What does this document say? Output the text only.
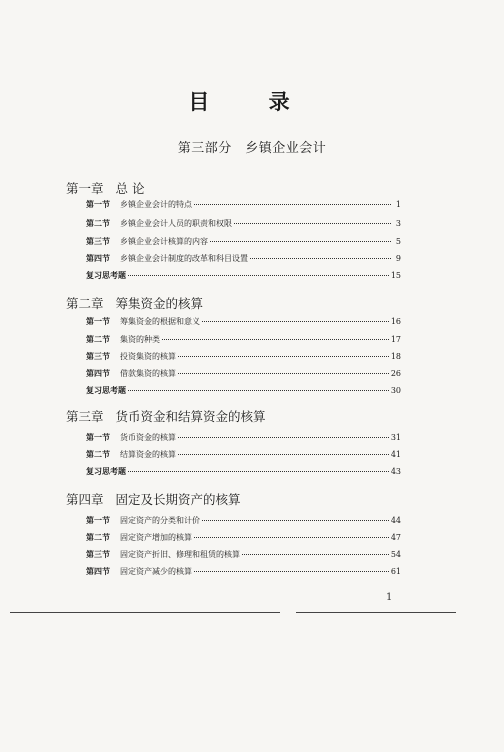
目 录
第三部分　乡镇企业会计
第一章 总 论
第一节	乡镇企业会计的特点	1
第二节	乡镇企业会计人员的职责和权限	3
第三节	乡镇企业会计核算的内容	5
第四节	乡镇企业会计制度的改革和科目设置	9
复习思考题	15
第二章 筹集资金的核算
第一节	筹集资金的根据和意义	16
第二节	集资的种类	17
第三节	投资集资的核算	18
第四节	借款集资的核算	26
复习思考题	30
第三章 货币资金和结算资金的核算
第一节	货币资金的核算	31
第二节	结算资金的核算	41
复习思考题	43
第四章 固定及长期资产的核算
第一节	固定资产的分类和计价	44
第二节	固定资产增加的核算	47
第三节	固定资产折旧、修理和租赁的核算	54
第四节	固定资产减少的核算	61
1
